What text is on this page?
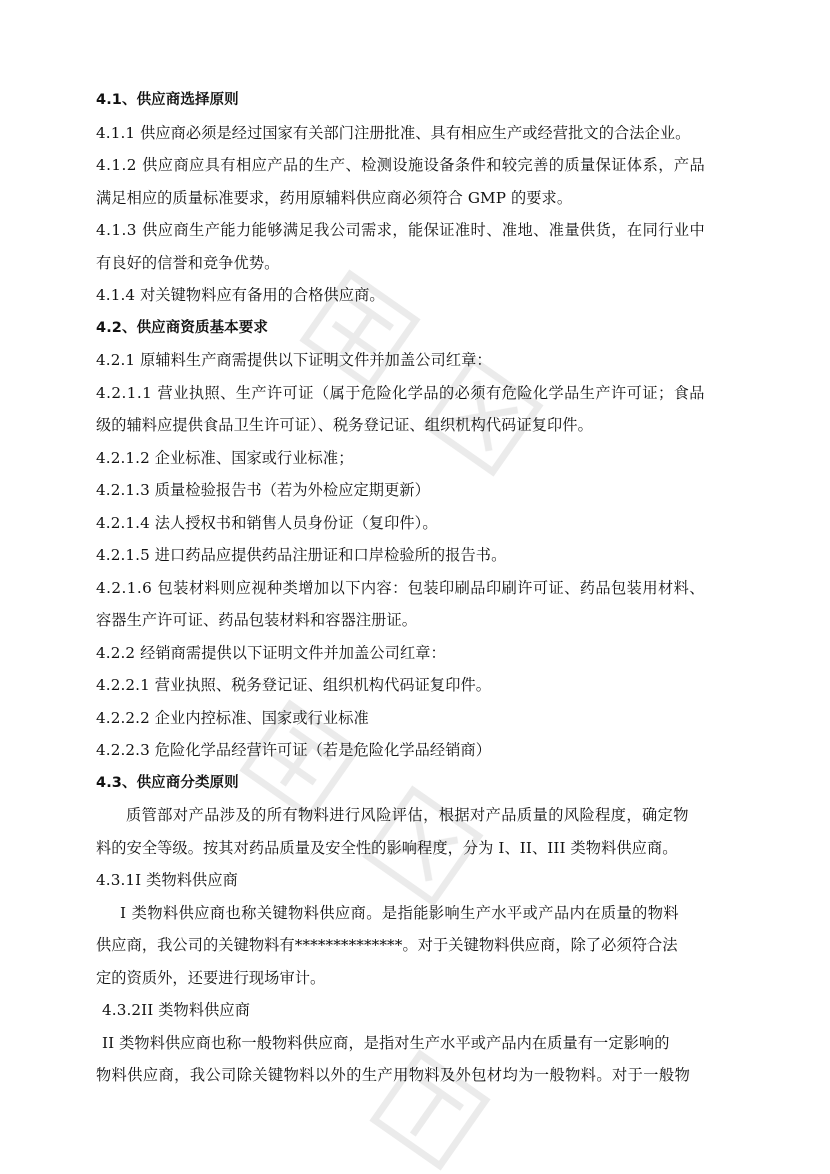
4.1、供应商选择原则
4.1.1 供应商必须是经过国家有关部门注册批准、具有相应生产或经营批文的合法企业。
4.1.2 供应商应具有相应产品的生产、检测设施设备条件和较完善的质量保证体系，产品
满足相应的质量标准要求，药用原辅料供应商必须符合 GMP 的要求。
4.1.3 供应商生产能力能够满足我公司需求，能保证准时、准地、准量供货，在同行业中
有良好的信誉和竞争优势。
4.1.4 对关键物料应有备用的合格供应商。
4.2、供应商资质基本要求
4.2.1 原辅料生产商需提供以下证明文件并加盖公司红章：
4.2.1.1 营业执照、生产许可证（属于危险化学品的必须有危险化学品生产许可证；食品
级的辅料应提供食品卫生许可证）、税务登记证、组织机构代码证复印件。
4.2.1.2 企业标准、国家或行业标准；
4.2.1.3 质量检验报告书（若为外检应定期更新）
4.2.1.4 法人授权书和销售人员身份证（复印件）。
4.2.1.5 进口药品应提供药品注册证和口岸检验所的报告书。
4.2.1.6 包装材料则应视种类增加以下内容：包装印刷品印刷许可证、药品包装用材料、
容器生产许可证、药品包装材料和容器注册证。
4.2.2 经销商需提供以下证明文件并加盖公司红章：
4.2.2.1 营业执照、税务登记证、组织机构代码证复印件。
4.2.2.2 企业内控标准、国家或行业标准
4.2.2.3 危险化学品经营许可证（若是危险化学品经销商）
4.3、供应商分类原则
质管部对产品涉及的所有物料进行风险评估，根据对产品质量的风险程度，确定物
料的安全等级。按其对药品质量及安全性的影响程度，分为 I、II、III 类物料供应商。
4.3.1I 类物料供应商
I 类物料供应商也称关键物料供应商。是指能影响生产水平或产品内在质量的物料
供应商，我公司的关键物料有**************。对于关键物料供应商，除了必须符合法
定的资质外，还要进行现场审计。
4.3.2II 类物料供应商
II 类物料供应商也称一般物料供应商，是指对生产水平或产品内在质量有一定影响的
物料供应商，我公司除关键物料以外的生产用物料及外包材均为一般物料。对于一般物
